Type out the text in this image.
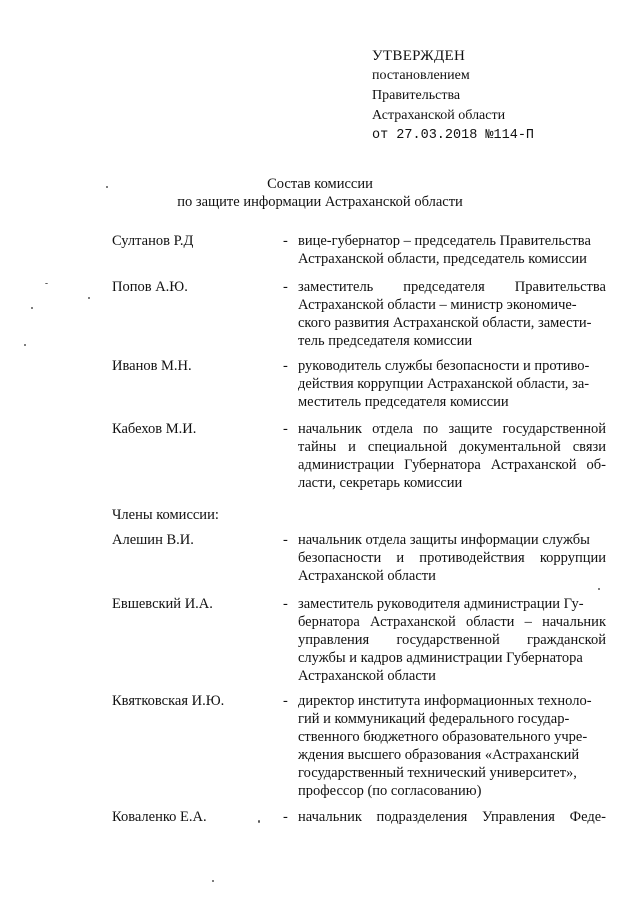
УТВЕРЖДЕН
постановлением
Правительства
Астраханской области
от 27.03.2018 №114-П
Состав комиссии
по защите информации Астраханской области
Султанов Р.Д	- вице-губернатор – председатель Правительства
Астраханской области, председатель комиссии
Попов А.Ю.	- заместитель председателя Правительства
Астраханской области – министр экономиче-
ского развития Астраханской области, замести-
тель председателя комиссии
Иванов М.Н.	- руководитель службы безопасности и противо-
действия коррупции Астраханской области, за-
меститель председателя комиссии
Кабехов М.И.	- начальник отдела по защите государственной
тайны и специальной документальной связи
администрации Губернатора Астраханской об-
ласти, секретарь комиссии
Члены комиссии:
Алешин В.И.	- начальник отдела защиты информации службы
безопасности и противодействия коррупции
Астраханской области
Евшевский И.А.	- заместитель руководителя администрации Гу-
бернатора Астраханской области – начальник
управления государственной гражданской
службы и кадров администрации Губернатора
Астраханской области
Квятковская И.Ю.	- директор института информационных техноло-
гий и коммуникаций федерального государ-
ственного бюджетного образовательного учре-
ждения высшего образования «Астраханский
государственный технический университет»,
профессор (по согласованию)
Коваленко Е.А.	- начальник подразделения Управления Феде-
